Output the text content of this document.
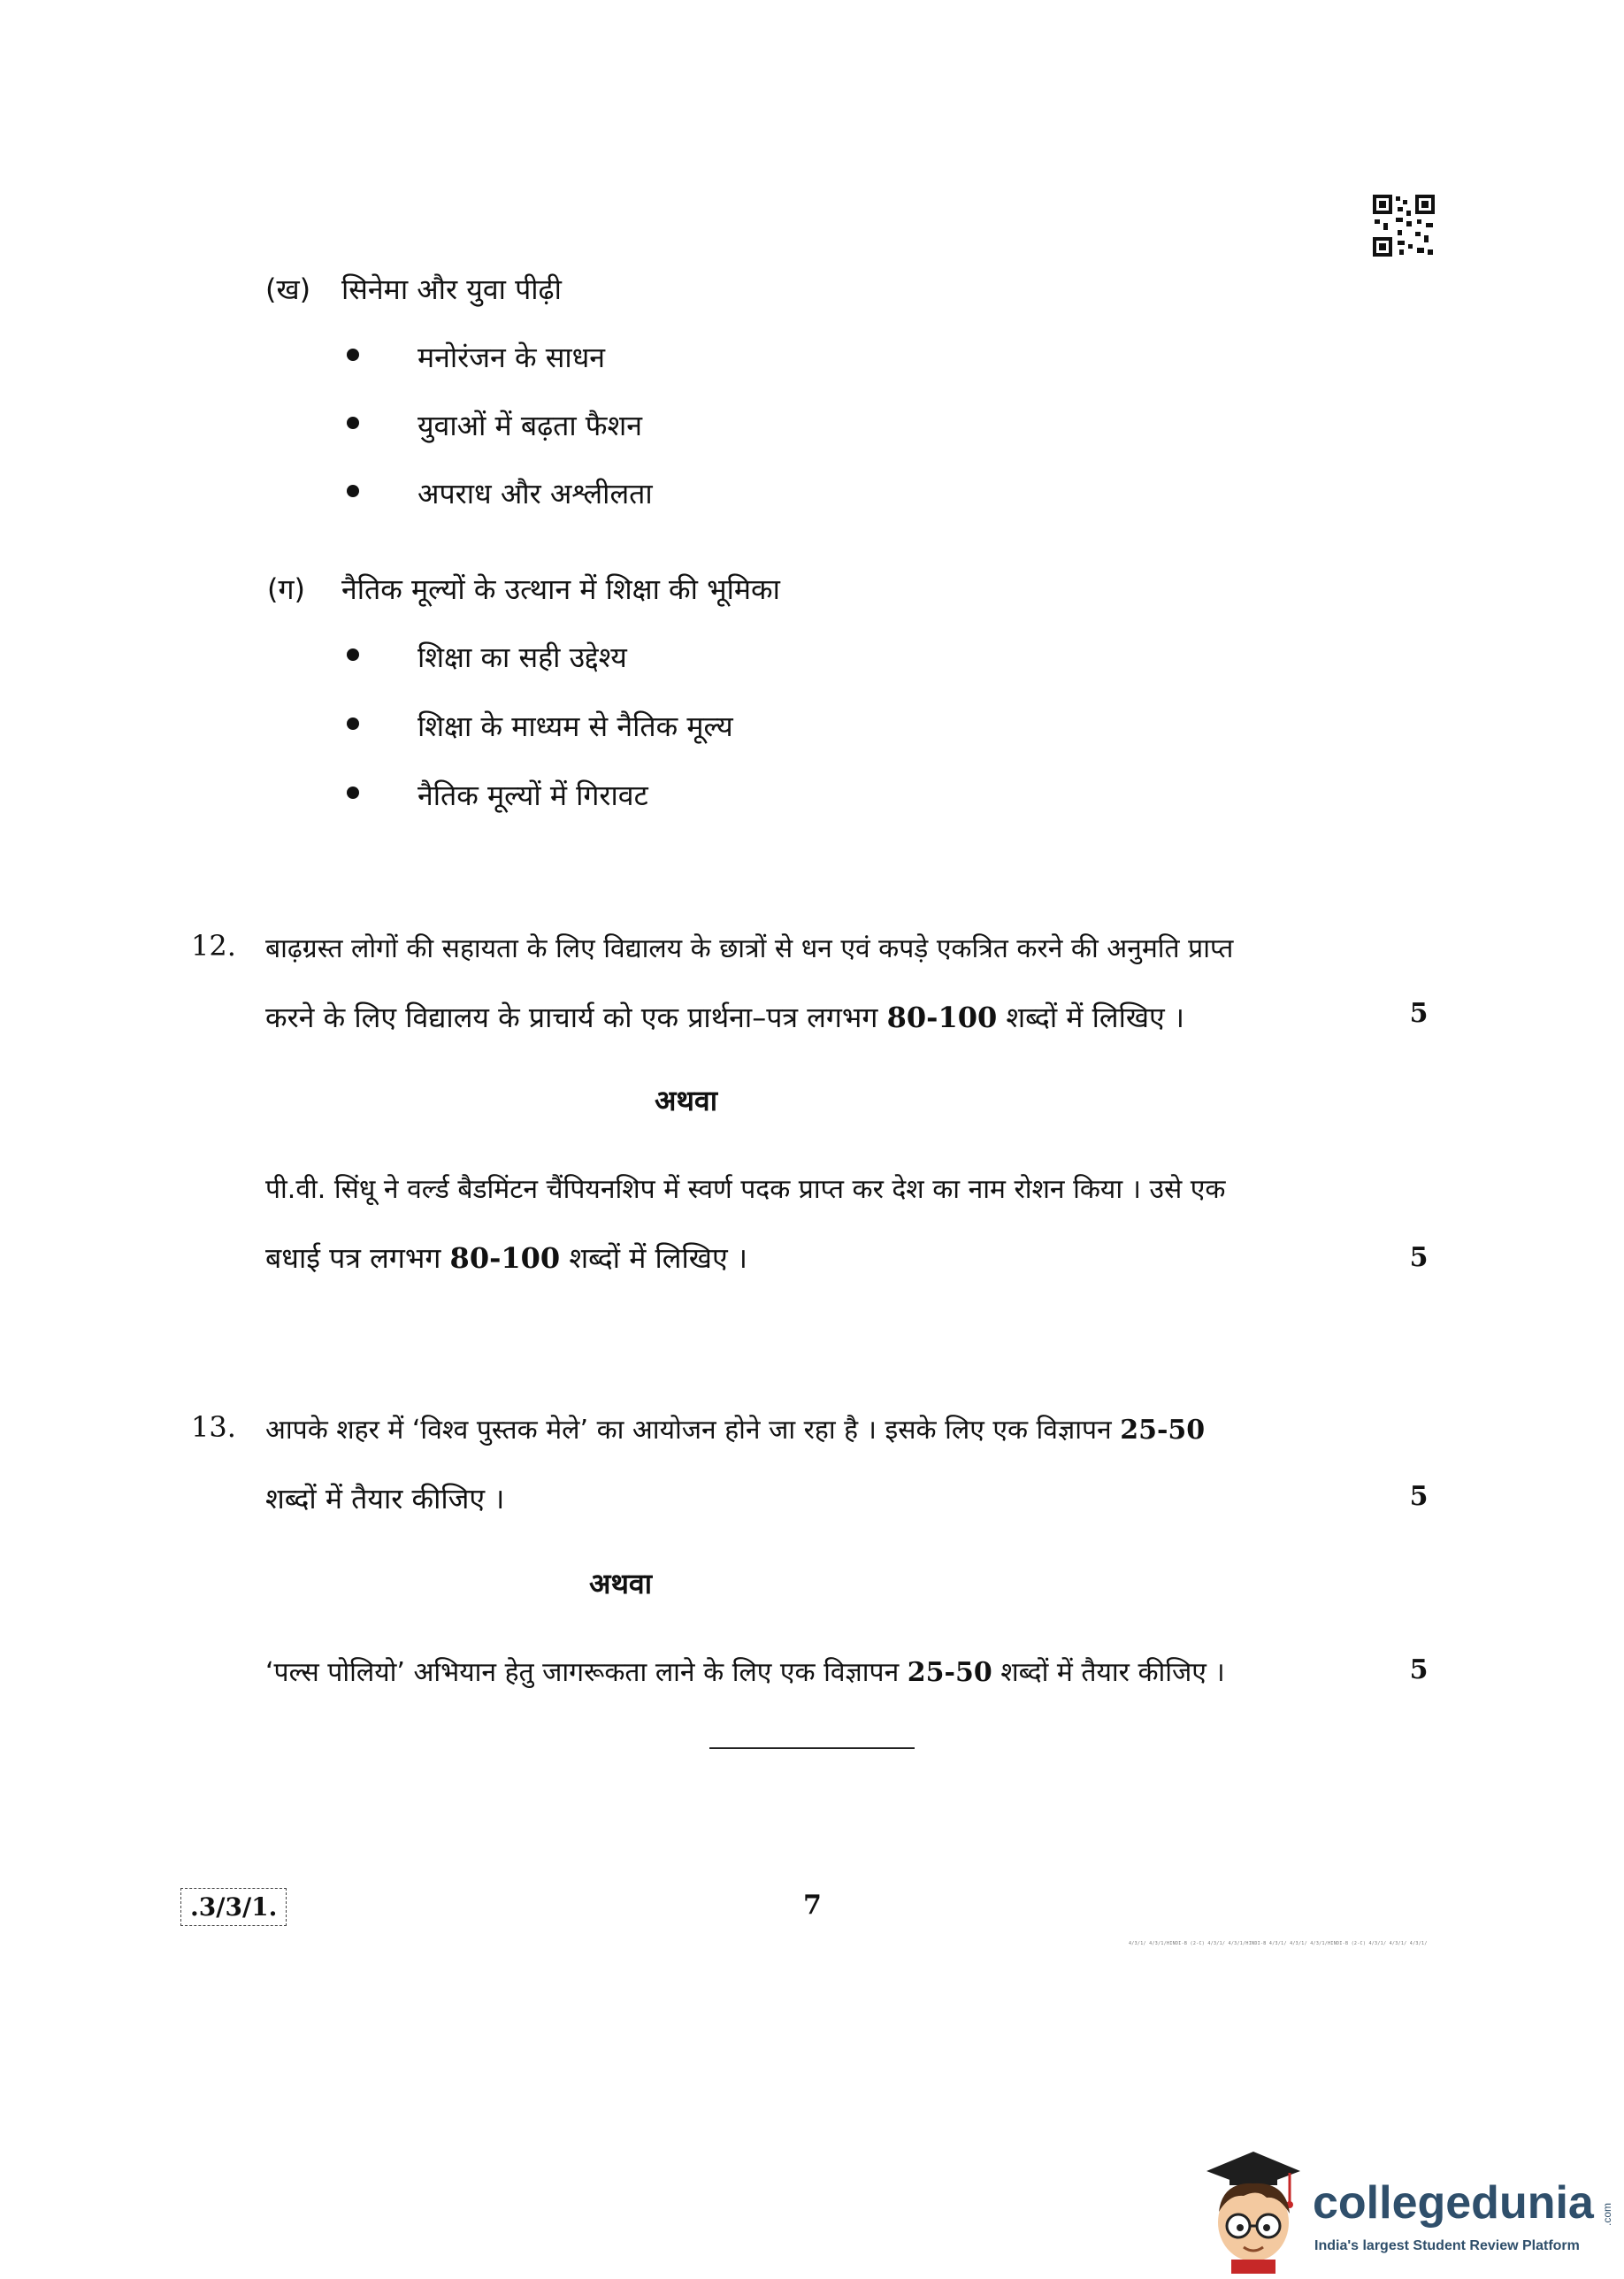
(ख) सिनेमा और युवा पीढ़ी
मनोरंजन के साधन
युवाओं में बढ़ता फैशन
अपराध और अश्लीलता
(ग) नैतिक मूल्यों के उत्थान में शिक्षा की भूमिका
शिक्षा का सही उद्देश्य
शिक्षा के माध्यम से नैतिक मूल्य
नैतिक मूल्यों में गिरावट
12. बाढ़ग्रस्त लोगों की सहायता के लिए विद्यालय के छात्रों से धन एवं कपड़े एकत्रित करने की अनुमति प्राप्त
करने के लिए विद्यालय के प्राचार्य को एक प्रार्थना–पत्र लगभग 80-100 शब्दों में लिखिए ।	5
अथवा
पी.वी. सिंधू ने वर्ल्ड बैडमिंटन चैंपियनशिप में स्वर्ण पदक प्राप्त कर देश का नाम रोशन किया । उसे एक
बधाई पत्र लगभग 80-100 शब्दों में लिखिए ।	5
13. आपके शहर में ‘विश्व पुस्तक मेले’ का आयोजन होने जा रहा है । इसके लिए एक विज्ञापन 25-50
शब्दों में तैयार कीजिए ।	5
अथवा
‘पल्स पोलियो’ अभियान हेतु जागरूकता लाने के लिए एक विज्ञापन 25-50 शब्दों में तैयार कीजिए ।	5
.3/3/1.	7
4/3/1/ 4/3/1/HINDI-B (2-C) 4/3/1/ 4/3/1/HINDI-B 4/3/1/ 4/3/1/ 4/3/1/HINDI-B (2-C) 4/3/1/ 4/3/1/ 4/3/1/
collegedunia .com
India's largest Student Review Platform
